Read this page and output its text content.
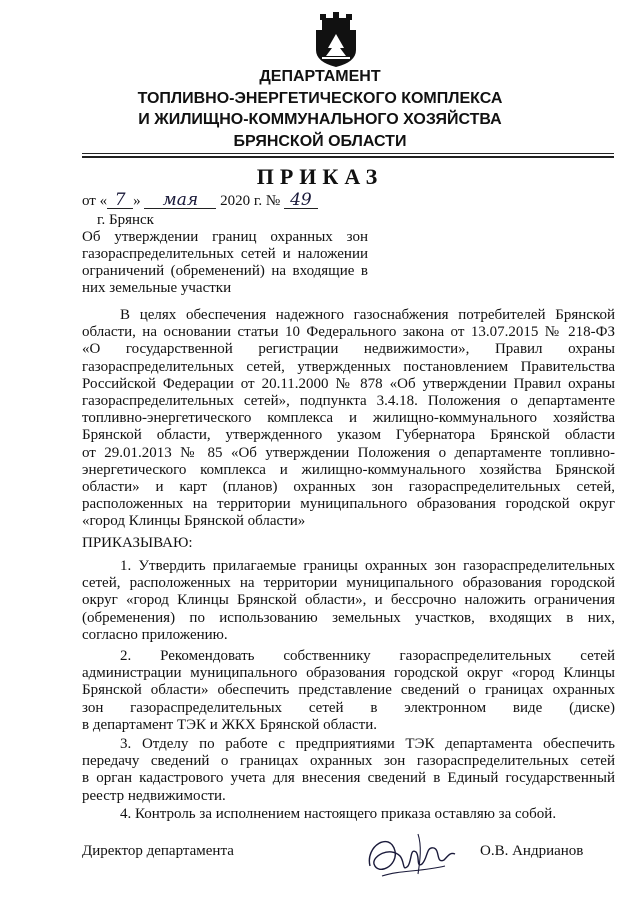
ДЕПАРТАМЕНТ
ТОПЛИВНО-ЭНЕРГЕТИЧЕСКОГО КОМПЛЕКСА
И ЖИЛИЩНО-КОММУНАЛЬНОГО ХОЗЯЙСТВА
БРЯНСКОЙ ОБЛАСТИ
ПРИКАЗ
от « 7 » мая 2020 г. № 49
г. Брянск
Об утверждении границ охранных зон
газораспределительных сетей и наложении
ограничений (обременений) на входящие в
них земельные участки
В целях обеспечения надежного газоснабжения потребителей Брянской
области, на основании статьи 10 Федерального закона от 13.07.2015 № 218-ФЗ
«О государственной регистрации недвижимости», Правил охраны
газораспределительных сетей, утвержденных постановлением Правительства
Российской Федерации от 20.11.2000 № 878 «Об утверждении Правил охраны
газораспределительных сетей», подпункта 3.4.18. Положения о департаменте
топливно-энергетического комплекса и жилищно-коммунального хозяйства
Брянской области, утвержденного указом Губернатора Брянской области
от 29.01.2013 № 85 «Об утверждении Положения о департаменте топливно-
энергетического комплекса и жилищно-коммунального хозяйства Брянской
области» и карт (планов) охранных зон газораспределительных сетей,
расположенных на территории муниципального образования городской округ
«город Клинцы Брянской области»
ПРИКАЗЫВАЮ:
1. Утвердить прилагаемые границы охранных зон газораспределительных
сетей, расположенных на территории муниципального образования городской
округ «город Клинцы Брянской области», и бессрочно наложить ограничения
(обременения) по использованию земельных участков, входящих в них,
согласно приложению.
2. Рекомендовать собственнику газораспределительных сетей
администрации муниципального образования городской округ «город Клинцы
Брянской области» обеспечить представление сведений о границах охранных
зон газораспределительных сетей в электронном виде (диске)
в департамент ТЭК и ЖКХ Брянской области.
3. Отделу по работе с предприятиями ТЭК департамента обеспечить
передачу сведений о границах охранных зон газораспределительных сетей
в орган кадастрового учета для внесения сведений в Единый государственный
реестр недвижимости.
4. Контроль за исполнением настоящего приказа оставляю за собой.
Директор департамента	О.В. Андрианов
